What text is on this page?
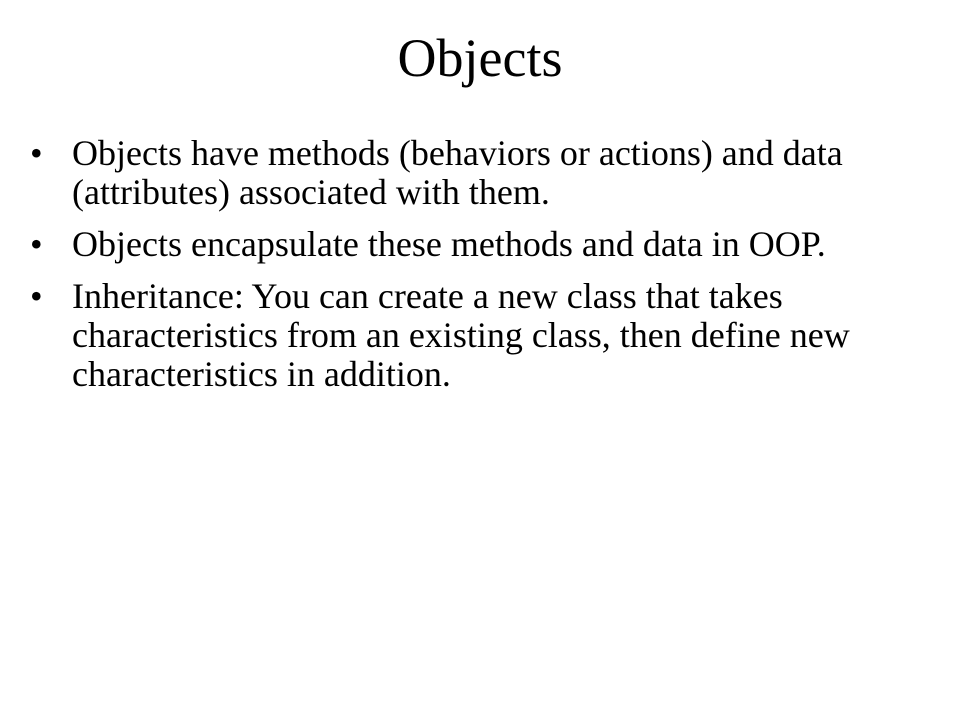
Objects
• Objects have methods (behaviors or actions) and data (attributes) associated with them.
• Objects encapsulate these methods and data in OOP.
• Inheritance: You can create a new class that takes characteristics from an existing class, then define new characteristics in addition.
